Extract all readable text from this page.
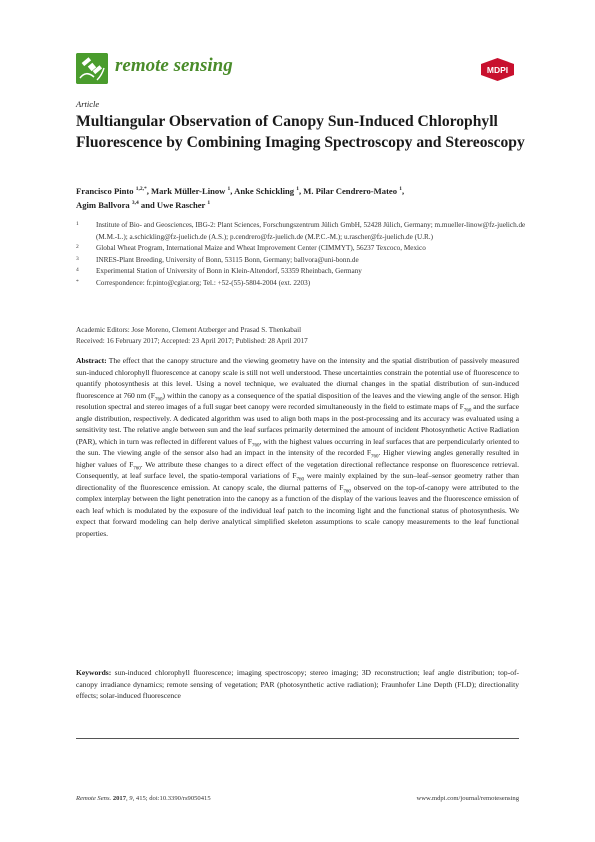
remote sensing	MDPI
Article
Multiangular Observation of Canopy Sun-Induced Chlorophyll Fluorescence by Combining Imaging Spectroscopy and Stereoscopy
Francisco Pinto $^{1,2,*}$, Mark Müller-Linow $^1$, Anke Schickling $^1$, M. Pilar Cendrero-Mateo $^1$,
Agim Ballvora $^{3,4}$ and Uwe Rascher $^1$
1	Institute of Bio- and Geosciences, IBG-2: Plant Sciences, Forschungszentrum Jülich GmbH, 52428 Jülich, Germany; m.mueller-linow@fz-juelich.de (M.M.-L.); a.schickling@fz-juelich.de (A.S.); p.cendrero@fz-juelich.de (M.P.C.-M.); u.rascher@fz-juelich.de (U.R.)
2	Global Wheat Program, International Maize and Wheat Improvement Center (CIMMYT), 56237 Texcoco, Mexico
3	INRES-Plant Breeding, University of Bonn, 53115 Bonn, Germany; ballvora@uni-bonn.de
4	Experimental Station of University of Bonn in Klein-Altendorf, 53359 Rheinbach, Germany
*	Correspondence: fr.pinto@cgiar.org; Tel.: +52-(55)-5804-2004 (ext. 2203)
Academic Editors: Jose Moreno, Clement Atzberger and Prasad S. Thenkabail
Received: 16 February 2017; Accepted: 23 April 2017; Published: 28 April 2017
Abstract: The effect that the canopy structure and the viewing geometry have on the intensity and the spatial distribution of passively measured sun-induced chlorophyll fluorescence at canopy scale is still not well understood. These uncertainties constrain the potential use of fluorescence to quantify photosynthesis at this level. Using a novel technique, we evaluated the diurnal changes in the spatial distribution of sun-induced fluorescence at 760 nm $(F_{760})$ within the canopy as a consequence of the spatial disposition of the leaves and the viewing angle of the sensor. High resolution spectral and stereo images of a full sugar beet canopy were recorded simultaneously in the field to estimate maps of $F_{760}$ and the surface angle distribution, respectively. A dedicated algorithm was used to align both maps in the post-processing and its accuracy was evaluated using a sensitivity test. The relative angle between sun and the leaf surfaces primarily determined the amount of incident Photosynthetic Active Radiation (PAR), which in turn was reflected in different values of $F_{760}$, with the highest values occurring in leaf surfaces that are perpendicularly oriented to the sun. The viewing angle of the sensor also had an impact in the intensity of the recorded $F_{760}$. Higher viewing angles generally resulted in higher values of $F_{760}$. We attribute these changes to a direct effect of the vegetation directional reflectance response on fluorescence retrieval. Consequently, at leaf surface level, the spatio-temporal variations of $F_{760}$ were mainly explained by the sun–leaf–sensor geometry rather than directionality of the fluorescence emission. At canopy scale, the diurnal patterns of $F_{760}$ observed on the top-of-canopy were attributed to the complex interplay between the light penetration into the canopy as a function of the display of the various leaves and the fluorescence emission of each leaf which is modulated by the exposure of the individual leaf patch to the incoming light and the functional status of photosynthesis. We expect that forward modeling can help derive analytical simplified skeleton assumptions to scale canopy measurements to the leaf functional properties.
Keywords: sun-induced chlorophyll fluorescence; imaging spectroscopy; stereo imaging; 3D reconstruction; leaf angle distribution; top-of-canopy irradiance dynamics; remote sensing of vegetation; PAR (photosynthetic active radiation); Fraunhofer Line Depth (FLD); directionality effects; solar-induced fluorescence
Remote Sens. 2017, 9, 415; doi:10.3390/rs9050415	www.mdpi.com/journal/remotesensing
